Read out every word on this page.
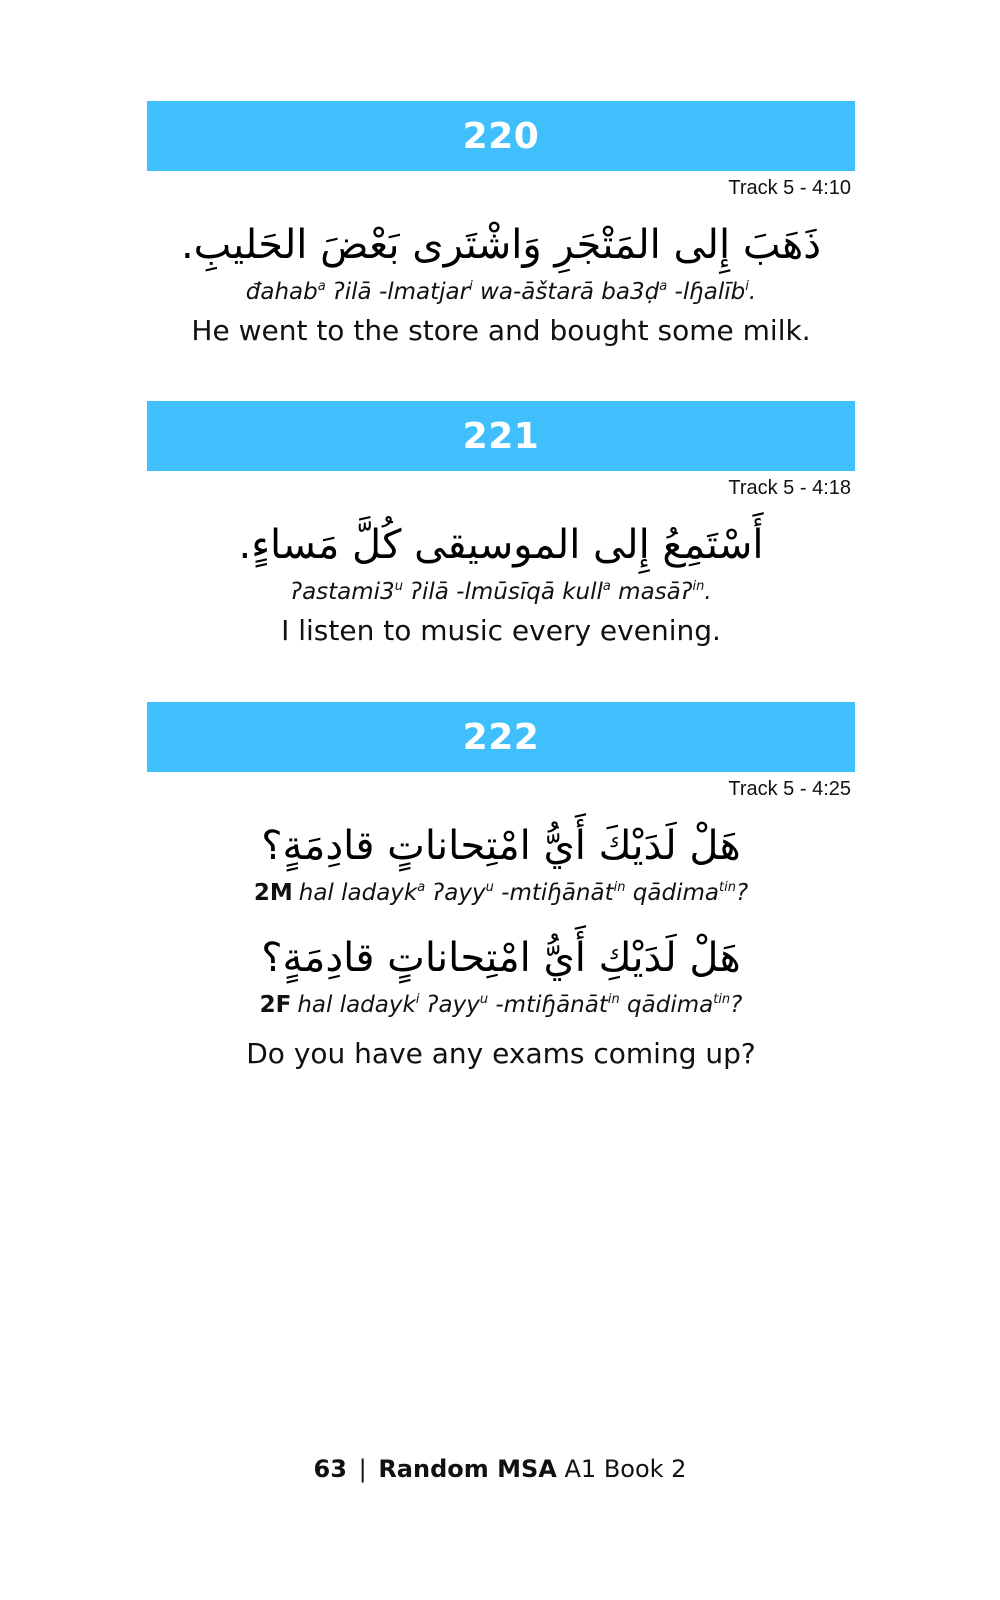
220
Track 5 - 4:10
ذَهَبَ إِلى المَتْجَرِ وَاشْتَرى بَعْضَ الحَليبِ.
đahab$^a$ ʔilā -lmatjar$^i$ wa-āštarā ba3ḍ$^a$ -lɧalīb$^i$.
He went to the store and bought some milk.
221
Track 5 - 4:18
أَسْتَمِعُ إِلى الموسيقى كُلَّ مَساءٍ.
ʔastami3$^u$ ʔilā -lmūsīqā kull$^a$ masāʔ$^{in}$.
I listen to music every evening.
222
Track 5 - 4:25
هَلْ لَدَيْكَ أَيُّ امْتِحاناتٍ قادِمَةٍ؟
2M hal ladayk$^a$ ʔayy$^u$ -mtiɧānāt$^{in}$ qādima$^{tin}$?
هَلْ لَدَيْكِ أَيُّ امْتِحاناتٍ قادِمَةٍ؟
2F hal ladayk$^i$ ʔayy$^u$ -mtiɧānāt$^{in}$ qādima$^{tin}$?
Do you have any exams coming up?
63 | Random MSA A1 Book 2
